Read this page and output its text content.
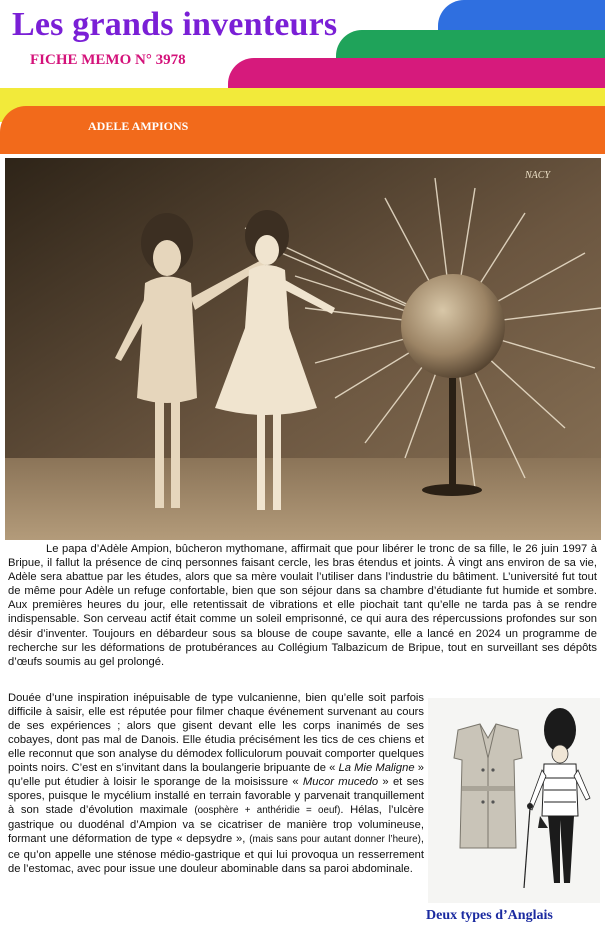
Les grands inventeurs
FICHE MEMO N° 3978
ADELE AMPIONS
NACY

Le papa d’Adèle Ampion, bûcheron mythomane, affirmait que pour libérer le tronc de sa fille, le 26 juin 1997 à Bripue, il fallut la présence de cinq personnes faisant cercle, les bras étendus et joints. À vingt ans environ de sa vie, Adèle sera abattue par les études, alors que sa mère voulait l’utiliser dans l’industrie du bâtiment. L’université fut tout de même pour Adèle un refuge confortable, bien que son séjour dans sa chambre d’étudiante fut humide et sombre. Aux premières heures du jour, elle retentissait de vibrations et elle piochait tant qu’elle ne tarda pas à se rendre indispensable. Son cerveau actif était comme un soleil emprisonné, ce qui aura des répercussions profondes sur son désir d’inventer. Toujours en débardeur sous sa blouse de coupe savante, elle a lancé en 2024 un programme de recherche sur les déformations de protubérances au Collégium Talbazicum de Bripue, tout en surveillant ses dépôts d’œufs soumis au gel prolongé.

Douée d’une inspiration inépuisable de type vulcanienne, bien qu’elle soit parfois difficile à saisir, elle est réputée pour filmer chaque événement survenant au cours de ses expériences ; alors que gisent devant elle les corps inanimés de ses cobayes, dont pas mal de Danois. Elle étudia précisément les tics de ces chiens et elle reconnut que son analyse du démodex folliculorum pouvait comporter quelques points noirs. C’est en s’invitant dans la boulangerie bripuante de « La Mie Maligne » qu’elle put étudier à loisir le sporange de la moisissure « Mucor mucedo » et ses spores, puisque le mycélium installé en terrain favorable y parvenait tranquillement à son stade d’évolution maximale (oosphère + anthéridie = oeuf). Hélas, l’ulcère gastrique ou duodénal d’Ampion va se cicatriser de manière trop volumineuse, formant une déformation de type « depsydre », (mais sans pour autant donner l’heure), ce qu’on appelle une sténose médio-gastrique et qui lui provoqua un resserrement de l’estomac, avec pour issue une douleur abominable dans sa paroi abdominale.

Deux types d’Anglais
